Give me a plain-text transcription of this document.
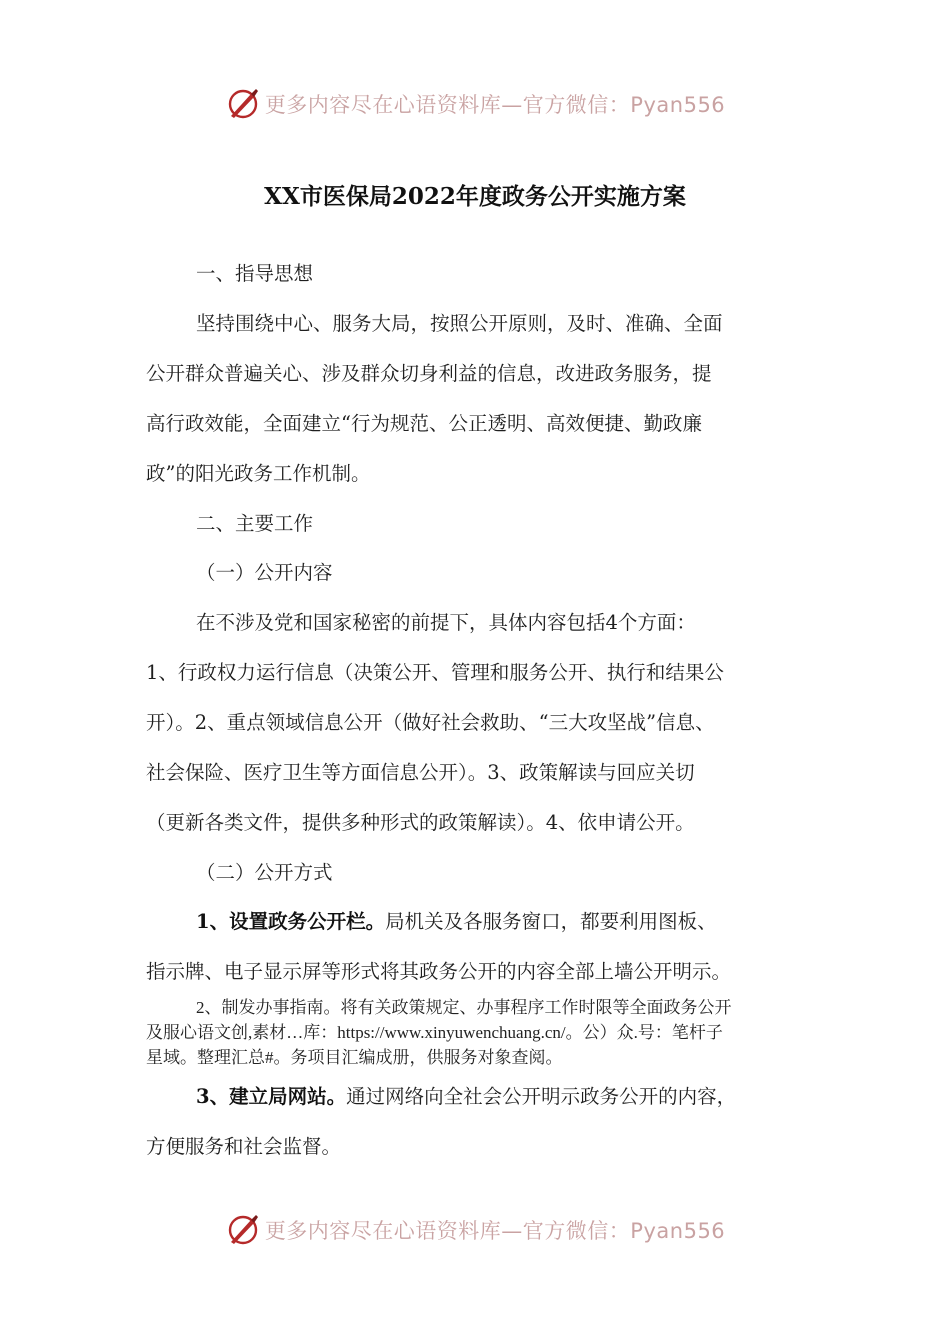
更多内容尽在心语资料库—官方微信：Pyan556
XX市医保局2022年度政务公开实施方案
一、指导思想
坚持围绕中心、服务大局，按照公开原则，及时、准确、全面
公开群众普遍关心、涉及群众切身利益的信息，改进政务服务，提
高行政效能，全面建立“行为规范、公正透明、高效便捷、勤政廉
政”的阳光政务工作机制。
二、主要工作
（一）公开内容
在不涉及党和国家秘密的前提下，具体内容包括4个方面：
1、行政权力运行信息（决策公开、管理和服务公开、执行和结果公
开）。2、重点领域信息公开（做好社会救助、“三大攻坚战”信息、
社会保险、医疗卫生等方面信息公开）。3、政策解读与回应关切
（更新各类文件，提供多种形式的政策解读）。4、依申请公开。
（二）公开方式
1、设置政务公开栏。局机关及各服务窗口，都要利用图板、
指示牌、电子显示屏等形式将其政务公开的内容全部上墙公开明示。
2、制发办事指南。将有关政策规定、办事程序工作时限等全面政务公开
及服心语文创,素材…库：https://www.xinyuwenchuang.cn/。公）众.号：笔杆子
星域。整理汇总#。务项目汇编成册，供服务对象查阅。
3、建立局网站。通过网络向全社会公开明示政务公开的内容，
方便服务和社会监督。
更多内容尽在心语资料库—官方微信：Pyan556
